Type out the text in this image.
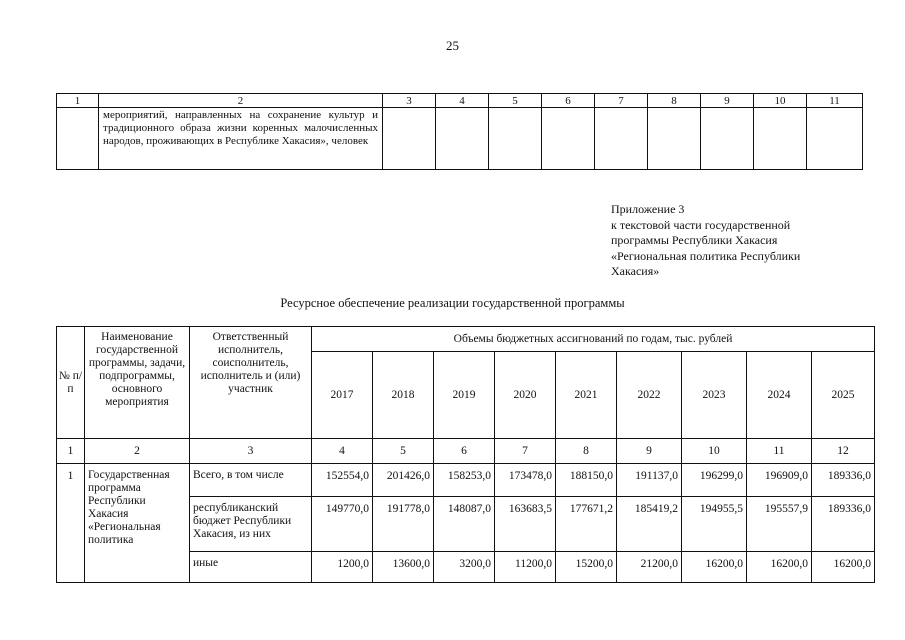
25
1	2	3	4	5	6	7	8	9	10	11
	мероприятий, направленных на сохранение культур и традиционного образа жизни коренных малочисленных народов, проживающих в Республике Хакасия», человек									
Приложение 3
к текстовой части государственной
программы Республики Хакасия
«Региональная политика Республики
Хакасия»
Ресурсное обеспечение реализации государственной программы
№ п/п	Наименование государственной программы, задачи, подпрограммы, основного мероприятия	Ответственный исполнитель, соисполнитель, исполнитель и (или) участник	Объемы бюджетных ассигнований по годам, тыс. рублей								
			2017	2018	2019	2020	2021	2022	2023	2024	2025
1	2	3	4	5	6	7	8	9	10	11	12
1	Государственная программа Республики Хакасия «Региональная политика	Всего, в том числе	152554,0	201426,0	158253,0	173478,0	188150,0	191137,0	196299,0	196909,0	189336,0
		республиканский бюджет Республики Хакасия, из них	149770,0	191778,0	148087,0	163683,5	177671,2	185419,2	194955,5	195557,9	189336,0
		иные	1200,0	13600,0	3200,0	11200,0	15200,0	21200,0	16200,0	16200,0	16200,0
